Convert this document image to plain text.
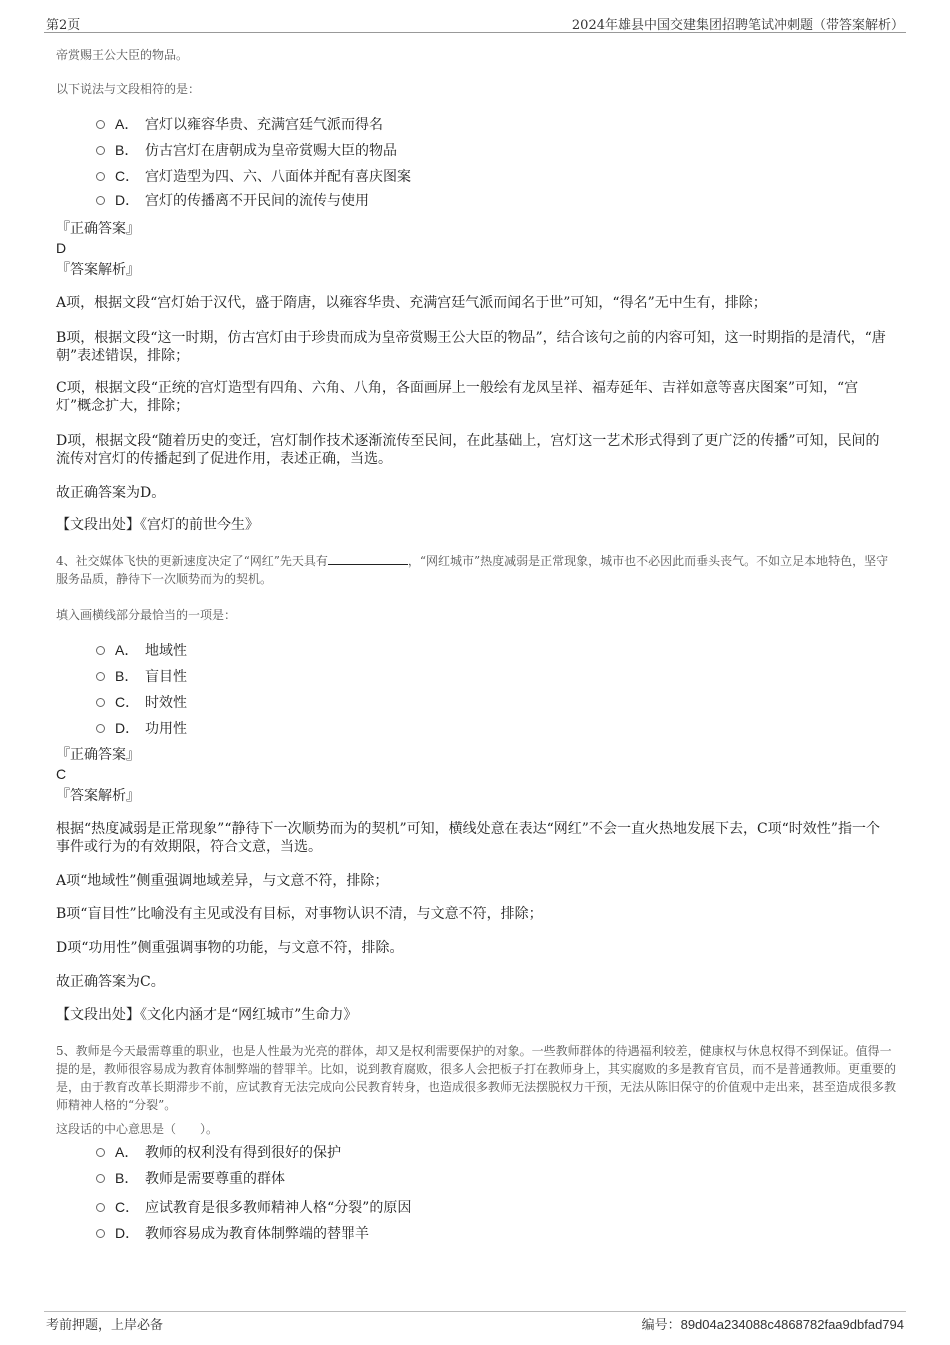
第2页	2024年雄县中国交建集团招聘笔试冲刺题（带答案解析）
帝赏赐王公大臣的物品。
以下说法与文段相符的是：
A． 宫灯以雍容华贵、充满宫廷气派而得名
B． 仿古宫灯在唐朝成为皇帝赏赐大臣的物品
C． 宫灯造型为四、六、八面体并配有喜庆图案
D． 宫灯的传播离不开民间的流传与使用
『正确答案』
D
『答案解析』
A项，根据文段“宫灯始于汉代，盛于隋唐，以雍容华贵、充满宫廷气派而闻名于世”可知，“得名”无中生有，排除；
B项，根据文段“这一时期，仿古宫灯由于珍贵而成为皇帝赏赐王公大臣的物品”，结合该句之前的内容可知，这一时期指的是清代，“唐朝”表述错误，排除；
C项，根据文段“正统的宫灯造型有四角、六角、八角，各面画屏上一般绘有龙凤呈祥、福寿延年、吉祥如意等喜庆图案”可知，“宫灯”概念扩大，排除；
D项，根据文段“随着历史的变迁，宫灯制作技术逐渐流传至民间，在此基础上，宫灯这一艺术形式得到了更广泛的传播”可知，民间的流传对宫灯的传播起到了促进作用，表述正确，当选。
故正确答案为D。
【文段出处】《宫灯的前世今生》
4、社交媒体飞快的更新速度决定了“网红”先天具有	，“网红城市”热度减弱是正常现象，城市也不必因此而垂头丧气。不如立足本地特色，坚守服务品质，静待下一次顺势而为的契机。
填入画横线部分最恰当的一项是：
A． 地域性
B． 盲目性
C． 时效性
D． 功用性
『正确答案』
C
『答案解析』
根据“热度减弱是正常现象”“静待下一次顺势而为的契机”可知，横线处意在表达“网红”不会一直火热地发展下去，C项“时效性”指一个事件或行为的有效期限，符合文意，当选。
A项“地域性”侧重强调地域差异，与文意不符，排除；
B项“盲目性”比喻没有主见或没有目标，对事物认识不清，与文意不符，排除；
D项“功用性”侧重强调事物的功能，与文意不符，排除。
故正确答案为C。
【文段出处】《文化内涵才是“网红城市”生命力》
5、教师是今天最需尊重的职业，也是人性最为光亮的群体，却又是权利需要保护的对象。一些教师群体的待遇福利较差，健康权与休息权得不到保证。值得一提的是，教师很容易成为教育体制弊端的替罪羊。比如，说到教育腐败，很多人会把板子打在教师身上，其实腐败的多是教育官员，而不是普通教师。更重要的是，由于教育改革长期滞步不前，应试教育无法完成向公民教育转身，也造成很多教师无法摆脱权力干预，无法从陈旧保守的价值观中走出来，甚至造成很多教师精神人格的“分裂”。
这段话的中心意思是（　　）。
A． 教师的权利没有得到很好的保护
B． 教师是需要尊重的群体
C． 应试教育是很多教师精神人格“分裂”的原因
D． 教师容易成为教育体制弊端的替罪羊
考前押题，上岸必备	编号：89d04a234088c4868782faa9dbfad794
